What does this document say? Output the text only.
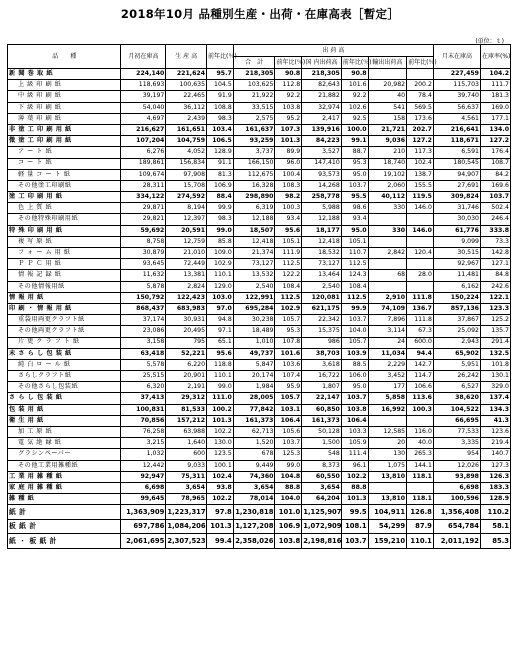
2018年10月 品種別生産・出荷・在庫高表［暫定］
(単位：ｔ)
品　　種	月初在庫高	生 産 高	前年比(％)	出 荷 高						月末在庫高	在庫率(%)
				合　計	前年比(％)	国 内出荷高	前年比(％)	輸出出荷高	前年比(％)		
新 聞 巻 取 紙	224,140	221,624	95.7	218,305	90.8	218,305	90.8			227,459	104.2
上 級 印 刷 紙	118,693	100,635	104.5	103,625	112.8	82,643	101.6	20,982	200.2	115,703	111.7
中 級 印 刷 紙	39,197	22,465	91.9	21,922	92.2	21,882	92.2	40	78.4	39,740	181.3
下 級 印 刷 紙	54,040	36,112	108.8	33,515	103.8	32,974	102.6	541	569.5	56,637	169.0
薄 葉 印 刷 紙	4,697	2,439	98.3	2,575	95.2	2,417	92.5	158	173.6	4,561	177.1
非 塗 工 印 刷 用 紙	216,627	161,651	103.4	161,637	107.3	139,916	100.0	21,721	202.7	216,641	134.0
微 塗 工 印 刷 用 紙	107,204	104,759	106.5	93,259	101.3	84,223	99.1	9,036	127.2	118,671	127.2
ア ー ト 紙	6,276	4,052	128.9	3,737	89.9	3,527	88.7	210	117.3	6,591	176.4
コ ー ト 紙	189,861	156,834	91.1	166,150	96.0	147,410	95.3	18,740	102.4	180,545	108.7
軽 量 コ ー ト 紙	109,674	97,908	81.3	112,675	100.4	93,573	95.0	19,102	138.7	94,907	84.2
その他塗工印刷紙	28,311	15,708	106.9	16,328	108.3	14,268	103.7	2,060	155.5	27,691	169.6
塗 工 印 刷 用 紙	334,122	274,592	88.4	298,890	98.2	258,778	95.5	40,112	119.5	309,824	103.7
色 上 質 紙	29,871	8,194	99.9	6,319	100.3	5,988	98.6	330	146.0	31,746	502.4
その他特殊印刷用紙	29,821	12,397	98.3	12,188	93.4	12,188	93.4			30,030	246.4
特 殊 印 刷 用 紙	59,692	20,591	99.0	18,507	95.6	18,177	95.0	330	146.0	61,776	333.8
複 写 原 紙	8,758	12,759	85.8	12,418	105.1	12,418	105.1			9,099	73.3
フ ォ ー ム 用 紙	30,879	21,010	109.0	21,374	111.9	18,532	110.7	2,842	120.4	30,515	142.8
Ｐ Ｐ Ｃ 用 紙	93,645	72,449	102.9	73,127	112.5	73,127	112.5			92,967	127.1
情 報 記 録 紙	11,632	13,381	110.1	13,532	122.2	13,464	124.3	68	28.0	11,481	84.8
その他情報用紙	5,878	2,824	129.0	2,540	108.4	2,540	108.4			6,162	242.6
情 報 用 紙	150,792	122,423	103.0	122,991	112.5	120,081	112.5	2,910	111.8	150,224	122.1
印 刷 ・ 情 報 用 紙	868,437	683,983	97.0	695,284	102.9	621,175	99.9	74,109	136.7	857,136	123.3
重袋用両更クラフト紙	37,174	30,931	94.8	30,238	105.7	22,342	103.7	7,896	111.8	37,867	125.2
その他両更クラフト紙	23,086	20,495	97.1	18,489	95.3	15,375	104.0	3,114	67.3	25,092	135.7
片 更 ク ラ フ ト 紙	3,158	795	65.1	1,010	107.8	986	105.7	24	600.0	2,943	291.4
未 さ ら し 包 装 紙	63,418	52,221	95.6	49,737	101.6	38,703	103.9	11,034	94.4	65,902	132.5
純 白 ロ ー ル 紙	5,578	6,220	118.8	5,847	103.6	3,618	88.5	2,229	142.7	5,951	101.8
さらしクラフト紙	25,515	20,901	110.1	20,174	107.4	16,722	106.0	3,452	114.7	26,242	130.1
その他さらし包装紙	6,320	2,191	99.0	1,984	95.9	1,807	95.0	177	106.6	6,527	329.0
さ ら し 包 装 紙	37,413	29,312	111.0	28,005	105.7	22,147	103.7	5,858	113.6	38,620	137.4
包 装 用 紙	100,831	81,533	100.2	77,842	103.1	60,850	103.8	16,992	100.3	104,522	134.3
衛 生 用 紙	70,856	157,212	101.3	161,373	106.4	161,373	106.4			66,695	41.3
加 工 原 紙	76,258	63,988	102.2	62,713	105.6	50,128	103.3	12,585	116.0	77,533	123.6
電 気 絶 縁 紙	3,215	1,640	130.0	1,520	103.7	1,500	105.9	20	40.0	3,335	219.4
グラシンペーパー	1,032	600	123.5	678	125.3	548	111.4	130	265.3	954	140.7
その他工業用雑種紙	12,442	9,033	100.1	9,449	99.0	8,373	96.1	1,075	144.1	12,026	127.3
工 業 用 雑 種 紙	92,947	75,311	102.4	74,360	104.8	60,550	102.2	13,810	118.1	93,898	126.3
家 庭 用 雑 種 紙	6,698	3,654	93.8	3,654	88.8	3,654	88.8			6,698	183.3
雑 種 紙	99,645	78,965	102.2	78,014	104.0	64,204	101.3	13,810	118.1	100,596	128.9
紙 計	1,363,909	1,223,317	97.8	1,230,818	101.0	1,125,907	99.5	104,911	126.8	1,356,408	110.2
板 紙 計	697,786	1,084,206	101.3	1,127,208	106.9	1,072,909	108.1	54,299	87.9	654,784	58.1
紙 ・ 板 紙 計	2,061,695	2,307,523	99.4	2,358,026	103.8	2,198,816	103.7	159,210	110.1	2,011,192	85.3
